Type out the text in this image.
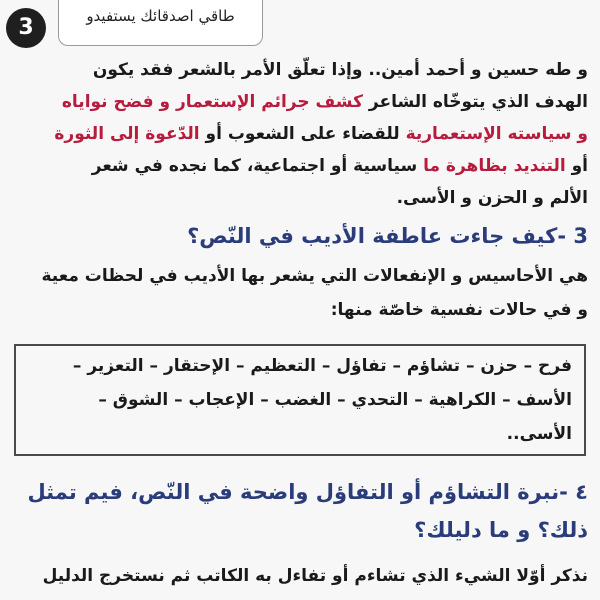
3	طاقي اصدقائك يستفيدو
و طه حسين و أحمد أمين.. وإذا تعلّق الأمر بالشعر فقد يكون
الهدف الذي يتوخّاه الشاعر كشف جرائم الإستعمار و فضح نواياه
و سياسته الإستعمارية للقضاء على الشعوب أو الدّعوة إلى الثورة
أو التنديد بظاهرة ما سياسية أو اجتماعية، كما نجده في شعر
الألم و الحزن و الأسى.
3 -كيف جاءت عاطفة الأديب في النّص؟
هي الأحاسيس و الإنفعالات التي يشعر بها الأديب في لحظات معية
و في حالات نفسية خاصّة منها:
فرح – حزن – تشاؤم – تفاؤل – التعظيم – الإحتقار – التعزير –
الأسف – الكراهية – التحدي – الغضب – الإعجاب – الشوق –
الأسى..
٤ -نبرة التشاؤم أو التفاؤل واضحة في النّص، فيم تمثل
ذلك؟ و ما دليلك؟
نذكر أوّلا الشيء الذي تشاءم أو تفاءل به الكاتب ثم نستخرج الدليل
